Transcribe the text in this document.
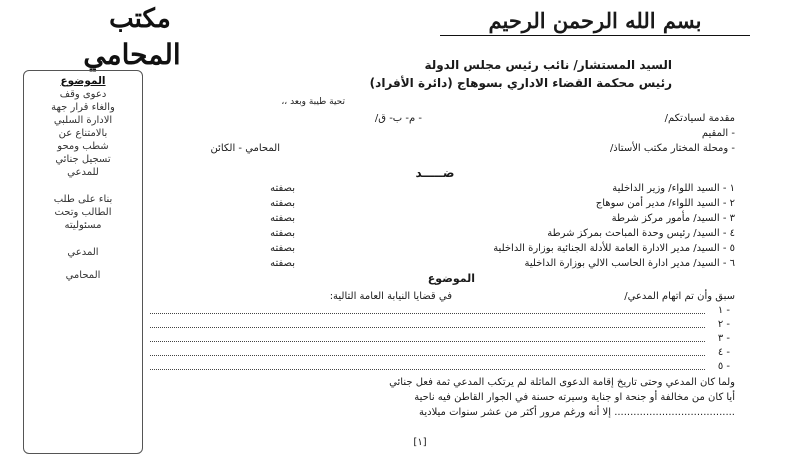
مكتب
المحامي
بسم الله الرحمن الرحيم
الموضوع
دعوى وقف
والغاء قرار جهة
الادارة السلبي
بالامتناع عن
شطب ومحو
تسجيل جنائي
للمدعي
بناء على طلب
الطالب وتحت
مسئوليته
المدعي
المحامي
السيد المستشار/ نائب رئيس مجلس الدولة
رئيس محكمة القضاء الاداري بسوهاج (دائرة الأفراد)
تحية طيبة وبعد ،،
مقدمة لسيادتكم/
- م- ب- ق/
- المقيم
- ومحلة المختار مكتب الأستاذ/
المحامي - الكائن
ضـــــد
١ - السيد اللواء/ وزير الداخلية
بصفته
٢ - السيد اللواء/ مدير أمن سوهاج
بصفته
٣ - السيد/ مأمور مركز شرطة
بصفته
٤ - السيد/ رئيس وحدة المباحث بمركز شرطة
بصفته
٥ - السيد/ مدير الادارة العامة للأدلة الجنائية بوزارة الداخلية
بصفته
٦ - السيد/ مدير ادارة الحاسب الالي بوزارة الداخلية
بصفته
الموضوع
سبق وأن تم اتهام المدعي/
في قضايا النيابة العامة التالية:
- ١
- ٢
- ٣
- ٤
- ٥
ولما كان المدعي وحتى تاريخ إقامة الدعوى الماثلة لم يرتكب المدعي ثمة فعل جنائي
أيا كان من مخالفة أو جنحة او جناية وسيرته حسنة في الجوار القاطن فيه ناحية
...................................... إلا أنه ورغم مرور أكثر من عشر سنوات ميلادية
[١]
